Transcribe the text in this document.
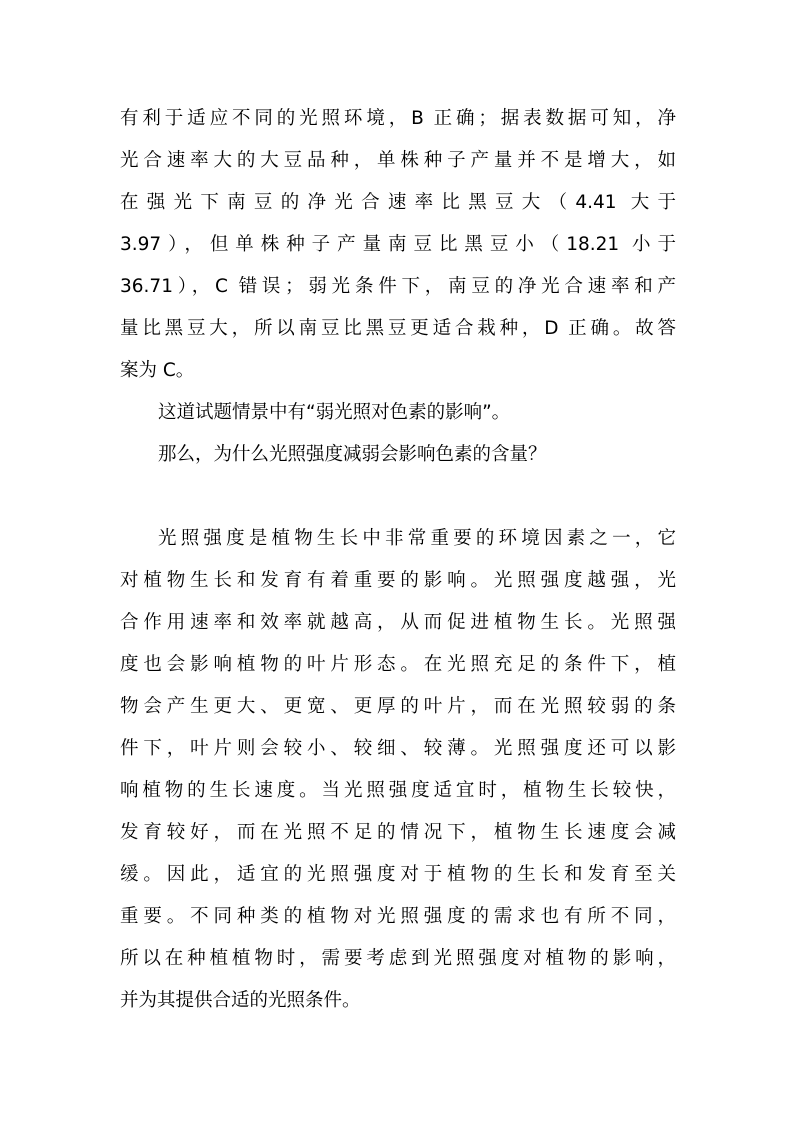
有利于适应不同的光照环境，B 正确；据表数据可知，净
光合速率大的大豆品种，单株种子产量并不是增大，如
在强光下南豆的净光合速率比黑豆大（4.41 大于
3.97），但单株种子产量南豆比黑豆小（18.21 小于
36.71），C 错误；弱光条件下，南豆的净光合速率和产
量比黑豆大，所以南豆比黑豆更适合栽种，D 正确。故答
案为 C。
这道试题情景中有“弱光照对色素的影响”。
那么，为什么光照强度减弱会影响色素的含量？
光照强度是植物生长中非常重要的环境因素之一，它
对植物生长和发育有着重要的影响。光照强度越强，光
合作用速率和效率就越高，从而促进植物生长。光照强
度也会影响植物的叶片形态。在光照充足的条件下，植
物会产生更大、更宽、更厚的叶片，而在光照较弱的条
件下，叶片则会较小、较细、较薄。光照强度还可以影
响植物的生长速度。当光照强度适宜时，植物生长较快，
发育较好，而在光照不足的情况下，植物生长速度会减
缓。因此，适宜的光照强度对于植物的生长和发育至关
重要。不同种类的植物对光照强度的需求也有所不同，
所以在种植植物时，需要考虑到光照强度对植物的影响，
并为其提供合适的光照条件。
